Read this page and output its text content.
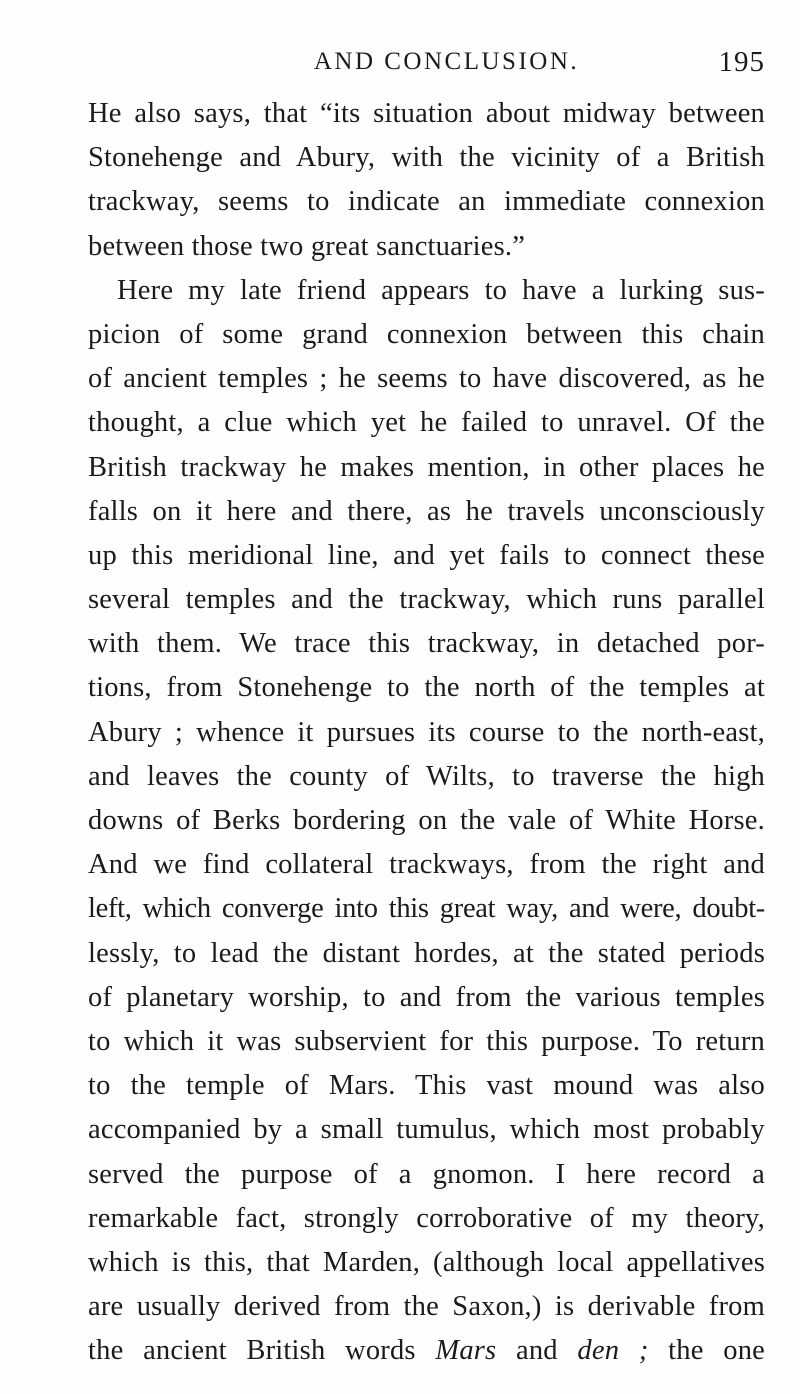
AND CONCLUSION.	195
He also says, that “its situation about midway between
Stonehenge and Abury, with the vicinity of a British
trackway, seems to indicate an immediate connexion
between those two great sanctuaries.”
Here my late friend appears to have a lurking sus-
picion of some grand connexion between this chain
of ancient temples ; he seems to have discovered, as he
thought, a clue which yet he failed to unravel. Of the
British trackway he makes mention, in other places he
falls on it here and there, as he travels unconsciously
up this meridional line, and yet fails to connect these
several temples and the trackway, which runs parallel
with them. We trace this trackway, in detached por-
tions, from Stonehenge to the north of the temples at
Abury ; whence it pursues its course to the north-east,
and leaves the county of Wilts, to traverse the high
downs of Berks bordering on the vale of White Horse.
And we find collateral trackways, from the right and
left, which converge into this great way, and were, doubt-
lessly, to lead the distant hordes, at the stated periods
of planetary worship, to and from the various temples
to which it was subservient for this purpose. To return
to the temple of Mars. This vast mound was also
accompanied by a small tumulus, which most probably
served the purpose of a gnomon. I here record a
remarkable fact, strongly corroborative of my theory,
which is this, that Marden, (although local appellatives
are usually derived from the Saxon,) is derivable from
the ancient British words Mars and den ; the one
